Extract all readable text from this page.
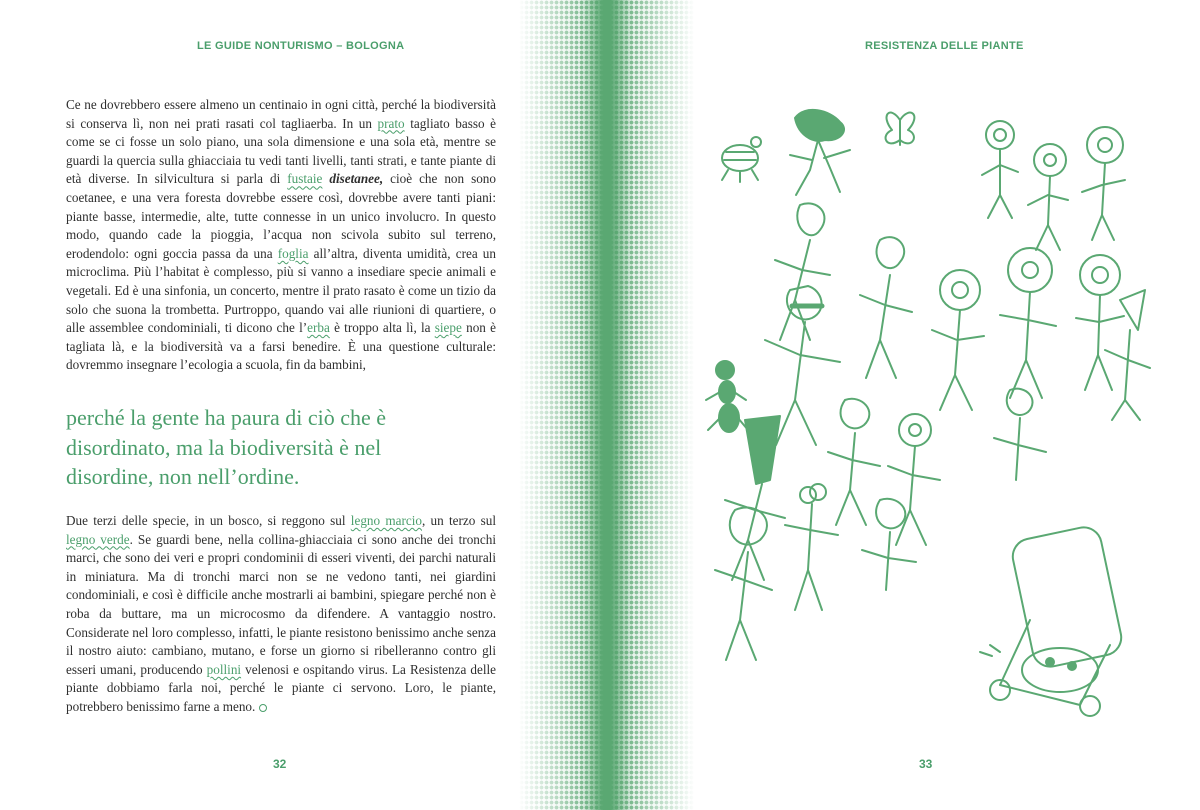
LE GUIDE NONTURISMO – BOLOGNA
Ce ne dovrebbero essere almeno un centinaio in ogni città, perché la biodiversità si conserva lì, non nei prati rasati col tagliaerba. In un prato tagliato basso è come se ci fosse un solo piano, una sola dimensione e una sola età, mentre se guardi la quercia sulla ghiacciaia tu vedi tanti livelli, tanti strati, e tante piante di età diverse. In silvicultura si parla di fustaie disetanee, cioè che non sono coetanee, e una vera foresta dovrebbe essere così, dovrebbe avere tanti piani: piante basse, intermedie, alte, tutte connesse in un unico involucro. In questo modo, quando cade la pioggia, l’acqua non scivola subito sul terreno, erodendolo: ogni goccia passa da una foglia all’altra, diventa umidità, crea un microclima. Più l’habitat è complesso, più si vanno a insediare specie animali e vegetali. Ed è una sinfonia, un concerto, mentre il prato rasato è come un tizio da solo che suona la trombetta. Purtroppo, quando vai alle riunioni di quartiere, o alle assemblee condominiali, ti dicono che l’erba è troppo alta lì, la siepe non è tagliata là, e la biodiversità va a farsi benedire. È una questione culturale: dovremmo insegnare l’ecologia a scuola, fin da bambini,
perché la gente ha paura di ciò che è disordinato, ma la biodiversità è nel disordine, non nell’ordine.
Due terzi delle specie, in un bosco, si reggono sul legno marcio, un terzo sul legno verde. Se guardi bene, nella collina-ghiacciaia ci sono anche dei tronchi marci, che sono dei veri e propri condominii di esseri viventi, dei parchi naturali in miniatura. Ma di tronchi marci non se ne vedono tanti, nei giardini condominiali, e così è difficile anche mostrarli ai bambini, spiegare perché non è roba da buttare, ma un microcosmo da difendere. A vantaggio nostro. Considerate nel loro complesso, infatti, le piante resistono benissimo anche senza il nostro aiuto: cambiano, mutano, e forse un giorno si ribelleranno contro gli esseri umani, producendo pollini velenosi e ospitando virus. La Resistenza delle piante dobbiamo farla noi, perché le piante ci servono. Loro, le piante, potrebbero benissimo farne a meno.
32
RESISTENZA DELLE PIANTE
33
